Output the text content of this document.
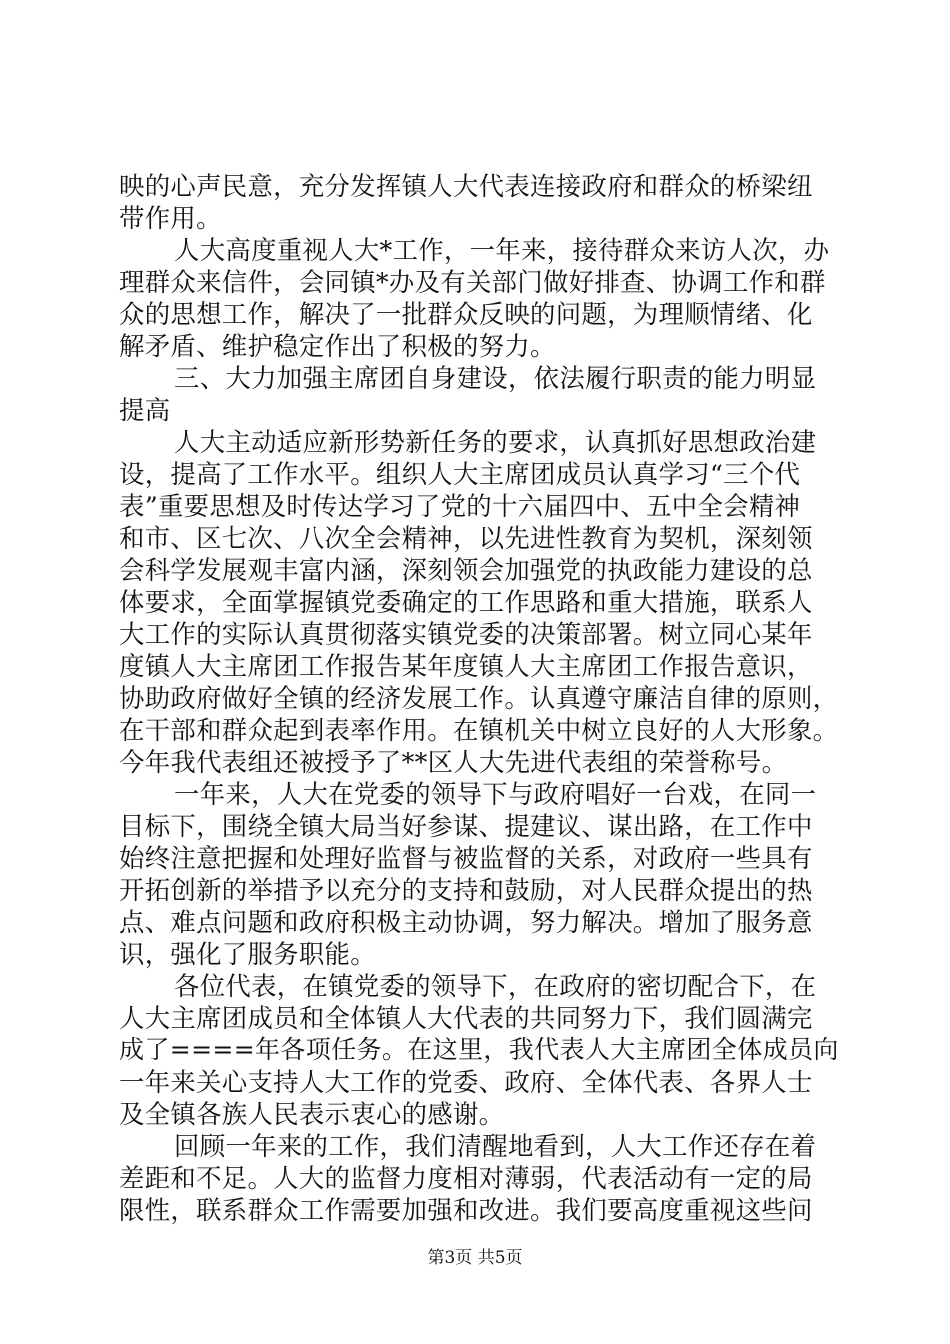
映的心声民意，充分发挥镇人大代表连接政府和群众的桥梁纽
带作用。
人大高度重视人大*工作，一年来，接待群众来访人次，办
理群众来信件，会同镇*办及有关部门做好排查、协调工作和群
众的思想工作，解决了一批群众反映的问题，为理顺情绪、化
解矛盾、维护稳定作出了积极的努力。
三、大力加强主席团自身建设，依法履行职责的能力明显
提高
人大主动适应新形势新任务的要求，认真抓好思想政治建
设，提高了工作水平。组织人大主席团成员认真学习“三个代
表”重要思想及时传达学习了党的十六届四中、五中全会精神
和市、区七次、八次全会精神，以先进性教育为契机，深刻领
会科学发展观丰富内涵，深刻领会加强党的执政能力建设的总
体要求，全面掌握镇党委确定的工作思路和重大措施，联系人
大工作的实际认真贯彻落实镇党委的决策部署。树立同心某年
度镇人大主席团工作报告某年度镇人大主席团工作报告意识，
协助政府做好全镇的经济发展工作。认真遵守廉洁自律的原则，
在干部和群众起到表率作用。在镇机关中树立良好的人大形象。
今年我代表组还被授予了**区人大先进代表组的荣誉称号。
一年来，人大在党委的领导下与政府唱好一台戏，在同一
目标下，围绕全镇大局当好参谋、提建议、谋出路，在工作中
始终注意把握和处理好监督与被监督的关系，对政府一些具有
开拓创新的举措予以充分的支持和鼓励，对人民群众提出的热
点、难点问题和政府积极主动协调，努力解决。增加了服务意
识，强化了服务职能。
各位代表，在镇党委的领导下，在政府的密切配合下，在
人大主席团成员和全体镇人大代表的共同努力下，我们圆满完
成了====年各项任务。在这里，我代表人大主席团全体成员向
一年来关心支持人大工作的党委、政府、全体代表、各界人士
及全镇各族人民表示衷心的感谢。
回顾一年来的工作，我们清醒地看到，人大工作还存在着
差距和不足。人大的监督力度相对薄弱，代表活动有一定的局
限性，联系群众工作需要加强和改进。我们要高度重视这些问
第3页 共5页
